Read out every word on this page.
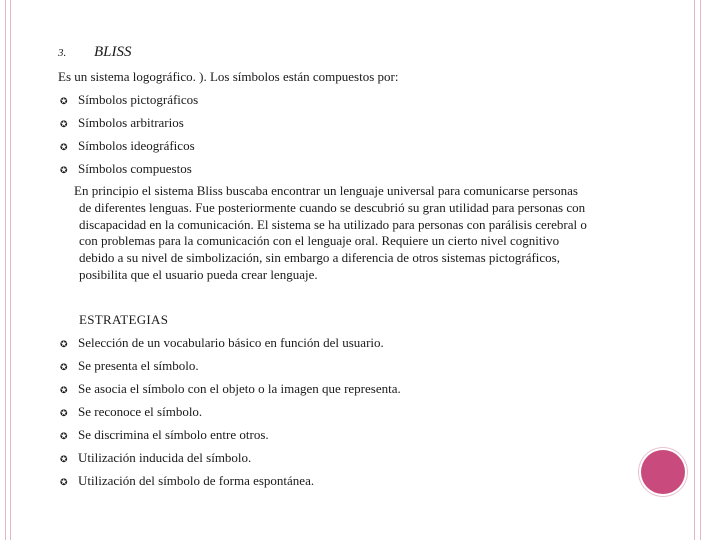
3. BLISS
Es un sistema logográfico. ). Los símbolos están compuestos por:
✪ Símbolos pictográficos
✪ Símbolos arbitrarios
✪ Símbolos ideográficos
✪ Símbolos compuestos
En principio el sistema Bliss buscaba encontrar un lenguaje universal para comunicarse personas
de diferentes lenguas. Fue posteriormente cuando se descubrió su gran utilidad para personas con
discapacidad en la comunicación. El sistema se ha utilizado para personas con parálisis cerebral o
con problemas para la comunicación con el lenguaje oral. Requiere un cierto nivel cognitivo
debido a su nivel de simbolización, sin embargo a diferencia de otros sistemas pictográficos,
posibilita que el usuario pueda crear lenguaje.
ESTRATEGIAS
✪ Selección de un vocabulario básico en función del usuario.
✪ Se presenta el símbolo.
✪ Se asocia el símbolo con el objeto o la imagen que representa.
✪ Se reconoce el símbolo.
✪ Se discrimina el símbolo entre otros.
✪ Utilización inducida del símbolo.
✪ Utilización del símbolo de forma espontánea.
